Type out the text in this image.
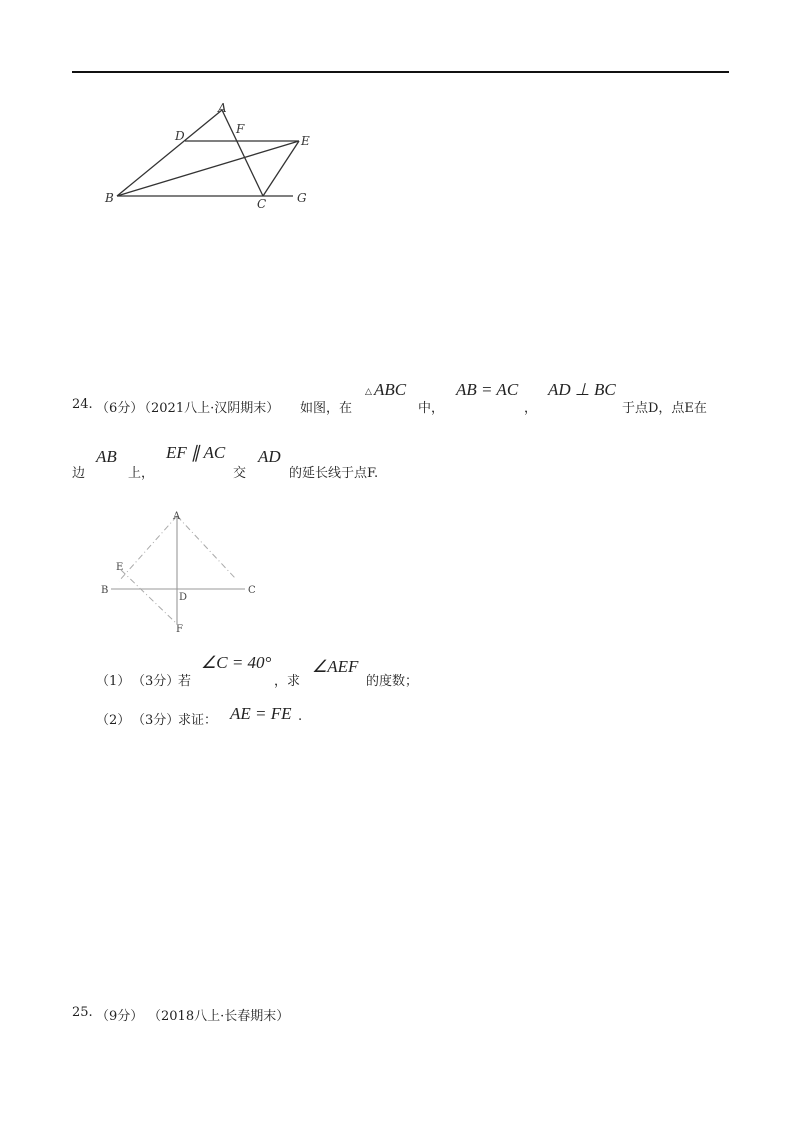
A
D	F
E
B	C	G
24. （6分）
（2021八上·汉阴期末） 如图，在
△ ABC
中，
AB = AC
，
AD ⊥ BC
于点D，点E在
边
AB
上，
EF ∥ AC
交
AD
的延长线于点F.
A
E
B
D
C
F
（1） （3分）
若
∠C = 40°
，求
∠AEF
的度数；
（2） （3分）
求证： AE = FE .
25. （9分） （2018八上·长春期末）
